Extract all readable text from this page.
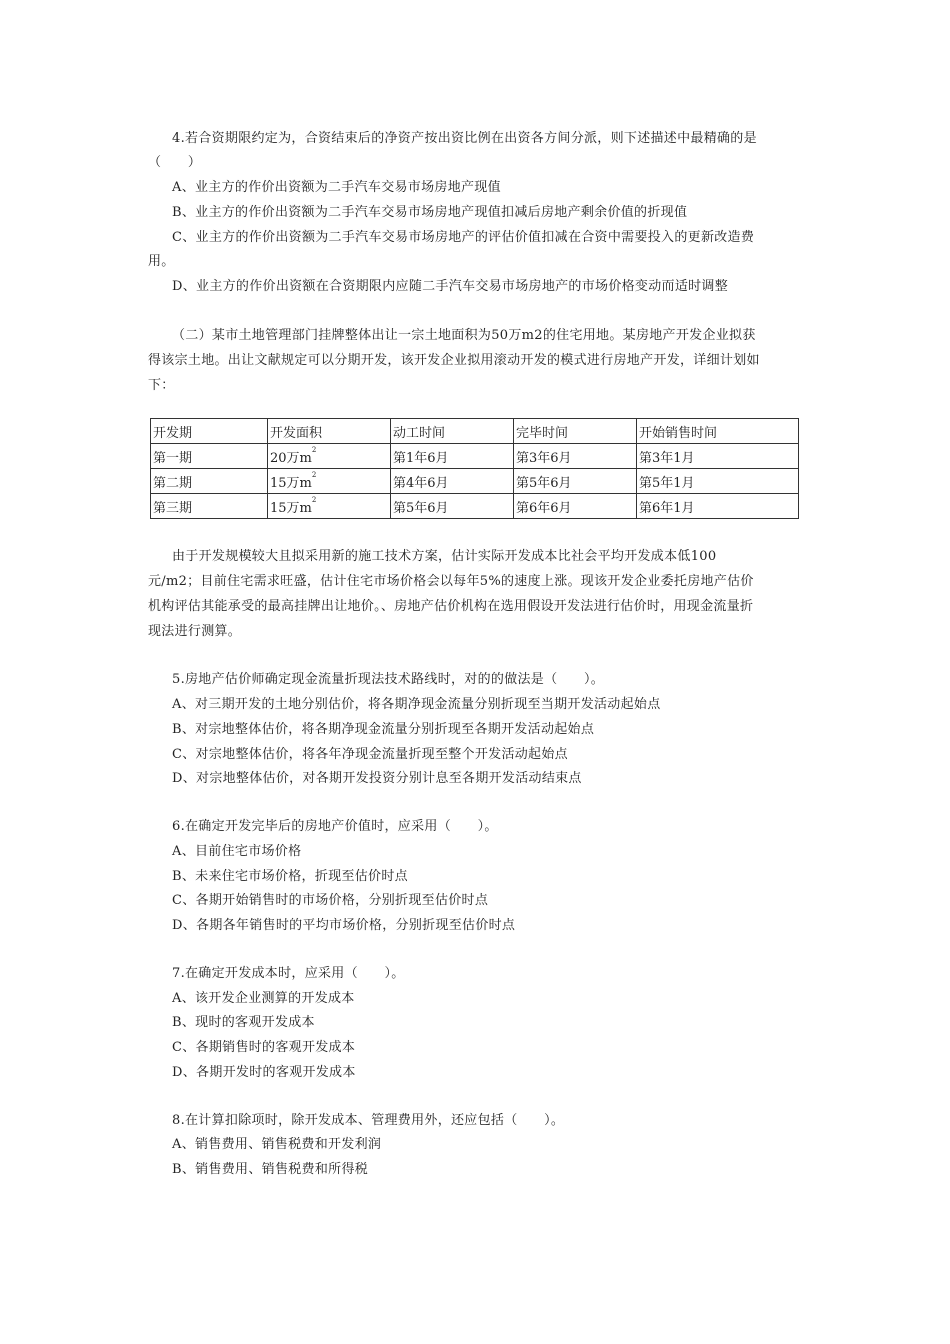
4.若合资期限约定为，合资结束后的净资产按出资比例在出资各方间分派，则下述描述中最精确的是
（　　）
A、业主方的作价出资额为二手汽车交易市场房地产现值
B、业主方的作价出资额为二手汽车交易市场房地产现值扣减后房地产剩余价值的折现值
C、业主方的作价出资额为二手汽车交易市场房地产的评估价值扣减在合资中需要投入的更新改造费
用。
D、业主方的作价出资额在合资期限内应随二手汽车交易市场房地产的市场价格变动而适时调整
（二）某市土地管理部门挂牌整体出让一宗土地面积为50万m2的住宅用地。某房地产开发企业拟获
得该宗土地。出让文献规定可以分期开发，该开发企业拟用滚动开发的模式进行房地产开发，详细计划如
下：
开发期	开发面积	动工时间	完毕时间	开始销售时间
第一期	20万$m^2$	第1年6月	第3年6月	第3年1月
第二期	15万$m^2$	第4年6月	第5年6月	第5年1月
第三期	15万$m^2$	第5年6月	第6年6月	第6年1月
由于开发规模较大且拟采用新的施工技术方案，估计实际开发成本比社会平均开发成本低100
元/m2；目前住宅需求旺盛，估计住宅市场价格会以每年5%的速度上涨。现该开发企业委托房地产估价
机构评估其能承受的最高挂牌出让地价。、房地产估价机构在选用假设开发法进行估价时，用现金流量折
现法进行测算。
5.房地产估价师确定现金流量折现法技术路线时，对的的做法是（　　）。
A、对三期开发的土地分别估价，将各期净现金流量分别折现至当期开发活动起始点
B、对宗地整体估价，将各期净现金流量分别折现至各期开发活动起始点
C、对宗地整体估价，将各年净现金流量折现至整个开发活动起始点
D、对宗地整体估价，对各期开发投资分别计息至各期开发活动结束点
6.在确定开发完毕后的房地产价值时，应采用（　　）。
A、目前住宅市场价格
B、未来住宅市场价格，折现至估价时点
C、各期开始销售时的市场价格，分别折现至估价时点
D、各期各年销售时的平均市场价格，分别折现至估价时点
7.在确定开发成本时，应采用（　　）。
A、该开发企业测算的开发成本
B、现时的客观开发成本
C、各期销售时的客观开发成本
D、各期开发时的客观开发成本
8.在计算扣除项时，除开发成本、管理费用外，还应包括（　　）。
A、销售费用、销售税费和开发利润
B、销售费用、销售税费和所得税
